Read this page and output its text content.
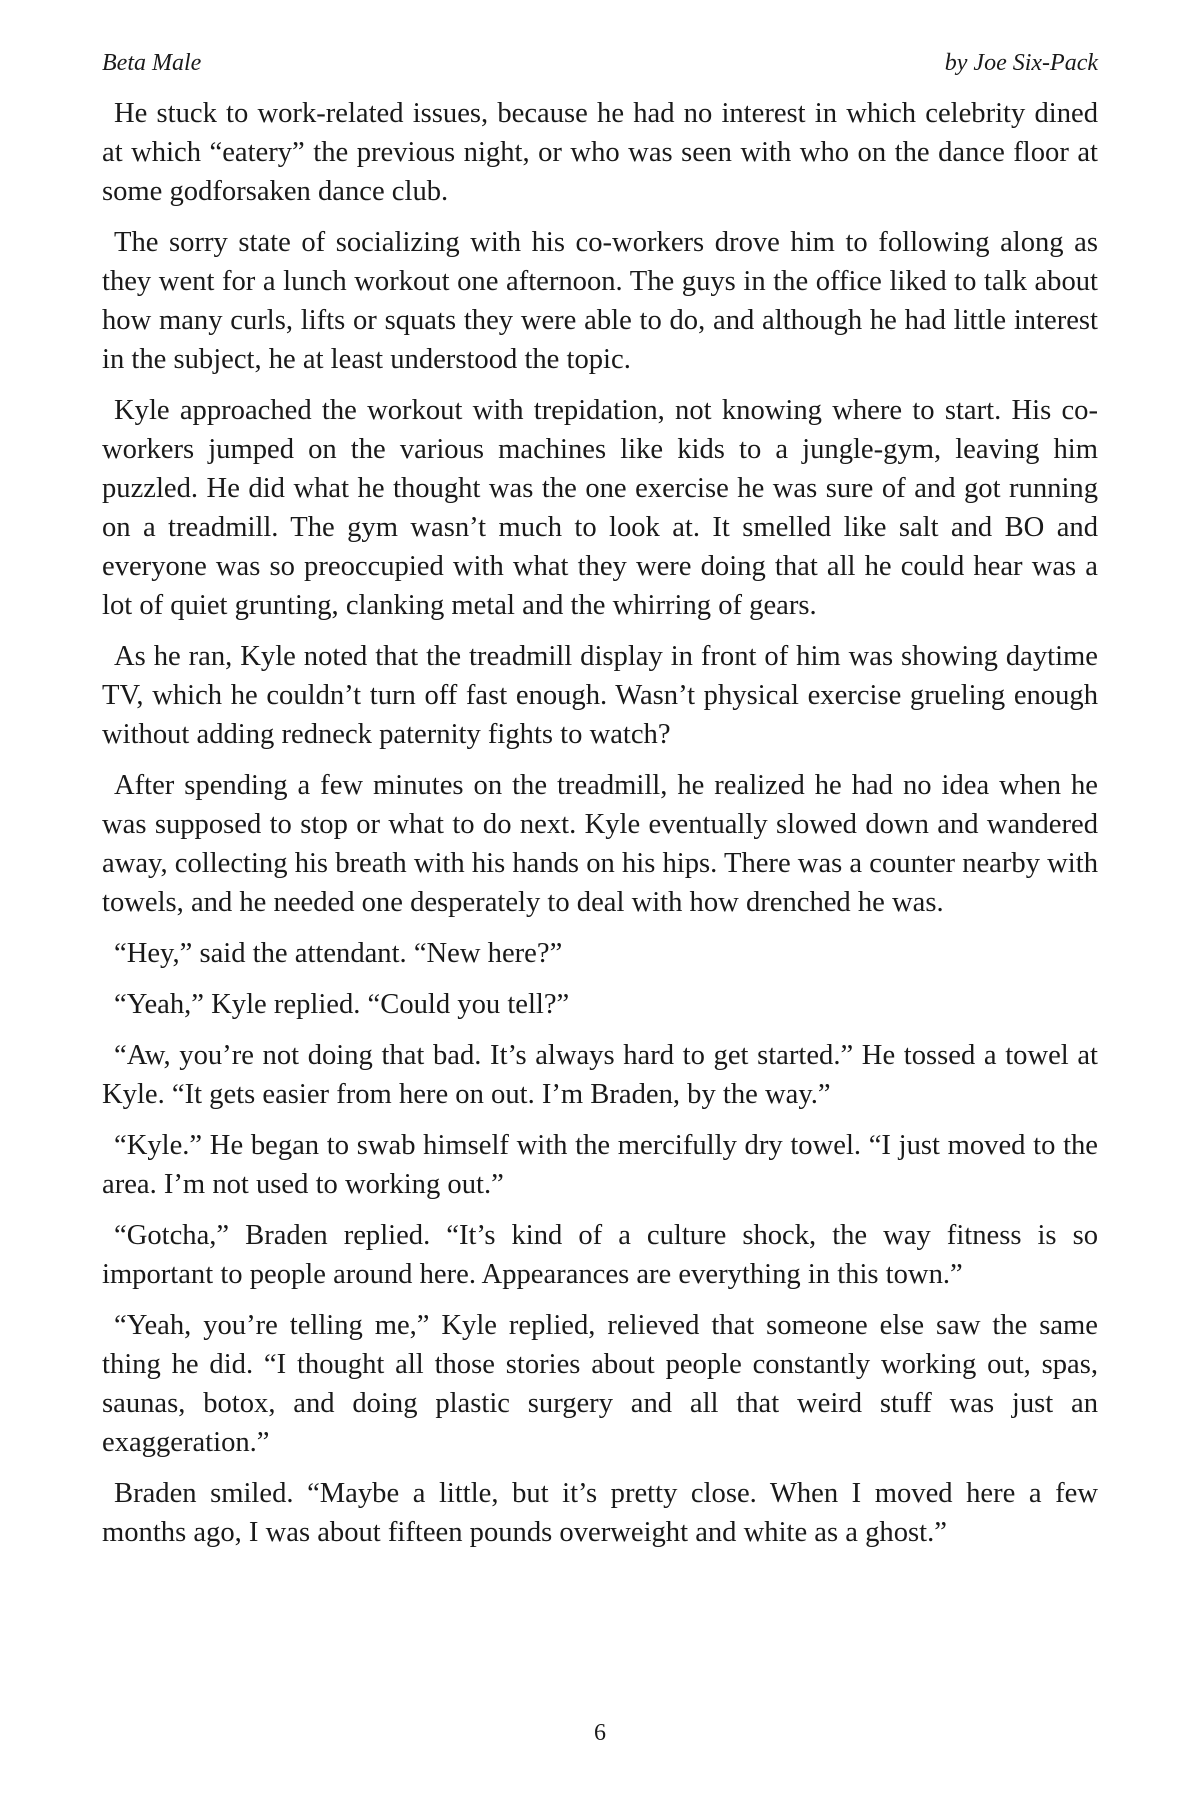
Beta Male	by Joe Six-Pack

He stuck to work-related issues, because he had no interest in which celebrity dined at which “eatery” the previous night, or who was seen with who on the dance floor at some godforsaken dance club.

The sorry state of socializing with his co-workers drove him to following along as they went for a lunch workout one afternoon. The guys in the office liked to talk about how many curls, lifts or squats they were able to do, and although he had little interest in the subject, he at least understood the topic.

Kyle approached the workout with trepidation, not knowing where to start. His co-workers jumped on the various machines like kids to a jungle-gym, leaving him puzzled. He did what he thought was the one exercise he was sure of and got running on a treadmill. The gym wasn’t much to look at. It smelled like salt and BO and everyone was so preoccupied with what they were doing that all he could hear was a lot of quiet grunting, clanking metal and the whirring of gears.

As he ran, Kyle noted that the treadmill display in front of him was showing daytime TV, which he couldn’t turn off fast enough. Wasn’t physical exercise grueling enough without adding redneck paternity fights to watch?

After spending a few minutes on the treadmill, he realized he had no idea when he was supposed to stop or what to do next. Kyle eventually slowed down and wandered away, collecting his breath with his hands on his hips. There was a counter nearby with towels, and he needed one desperately to deal with how drenched he was.

“Hey,” said the attendant. “New here?”

“Yeah,” Kyle replied. “Could you tell?”

“Aw, you’re not doing that bad. It’s always hard to get started.” He tossed a towel at Kyle. “It gets easier from here on out. I’m Braden, by the way.”

“Kyle.” He began to swab himself with the mercifully dry towel. “I just moved to the area. I’m not used to working out.”

“Gotcha,” Braden replied. “It’s kind of a culture shock, the way fitness is so important to people around here. Appearances are everything in this town.”

“Yeah, you’re telling me,” Kyle replied, relieved that someone else saw the same thing he did. “I thought all those stories about people constantly working out, spas, saunas, botox, and doing plastic surgery and all that weird stuff was just an exaggeration.”

Braden smiled. “Maybe a little, but it’s pretty close. When I moved here a few months ago, I was about fifteen pounds overweight and white as a ghost.”

6
